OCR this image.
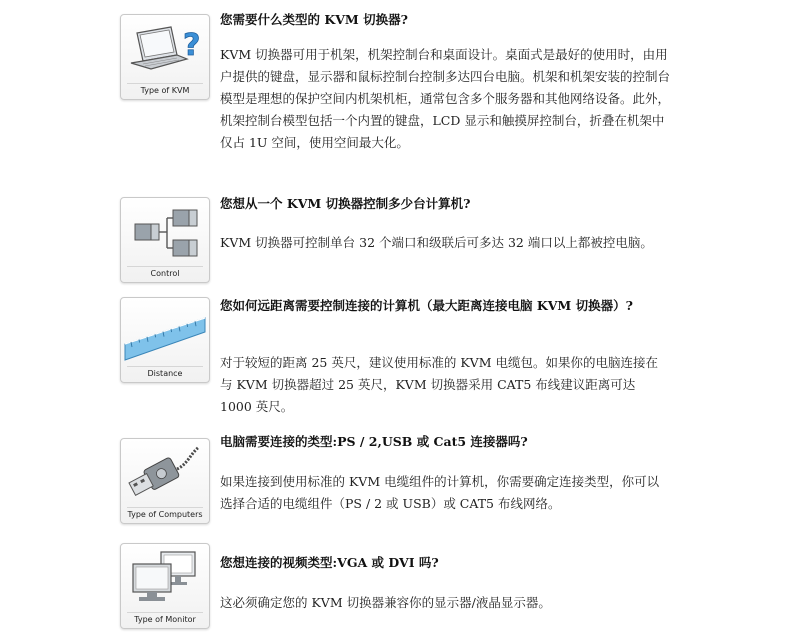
?
Type of KVM
您需要什么类型的 KVM 切换器?
KVM 切换器可用于机架，机架控制台和桌面设计。桌面式是最好的使用时，由用户提供的键盘，显示器和鼠标控制台控制多达四台电脑。机架和机架安装的控制台模型是理想的保护空间内机架机柜，通常包含多个服务器和其他网络设备。此外，机架控制台模型包括一个内置的键盘，LCD 显示和触摸屏控制台，折叠在机架中仅占 1U 空间，使用空间最大化。
Control
您想从一个 KVM 切换器控制多少台计算机?
KVM 切换器可控制单台 32 个端口和级联后可多达 32 端口以上都被控电脑。
Distance
您如何远距离需要控制连接的计算机（最大距离连接电脑 KVM 切换器）?
对于较短的距离 25 英尺，建议使用标准的 KVM 电缆包。如果你的电脑连接在与 KVM 切换器超过 25 英尺，KVM 切换器采用 CAT5 布线建议距离可达 1000 英尺。
Type of Computers
电脑需要连接的类型:PS / 2,USB 或 Cat5 连接器吗?
如果连接到使用标准的 KVM 电缆组件的计算机，你需要确定连接类型，你可以选择合适的电缆组件（PS / 2 或 USB）或 CAT5 布线网络。
Type of Monitor
您想连接的视频类型:VGA 或 DVI 吗?
这必须确定您的 KVM 切换器兼容你的显示器/液晶显示器。
